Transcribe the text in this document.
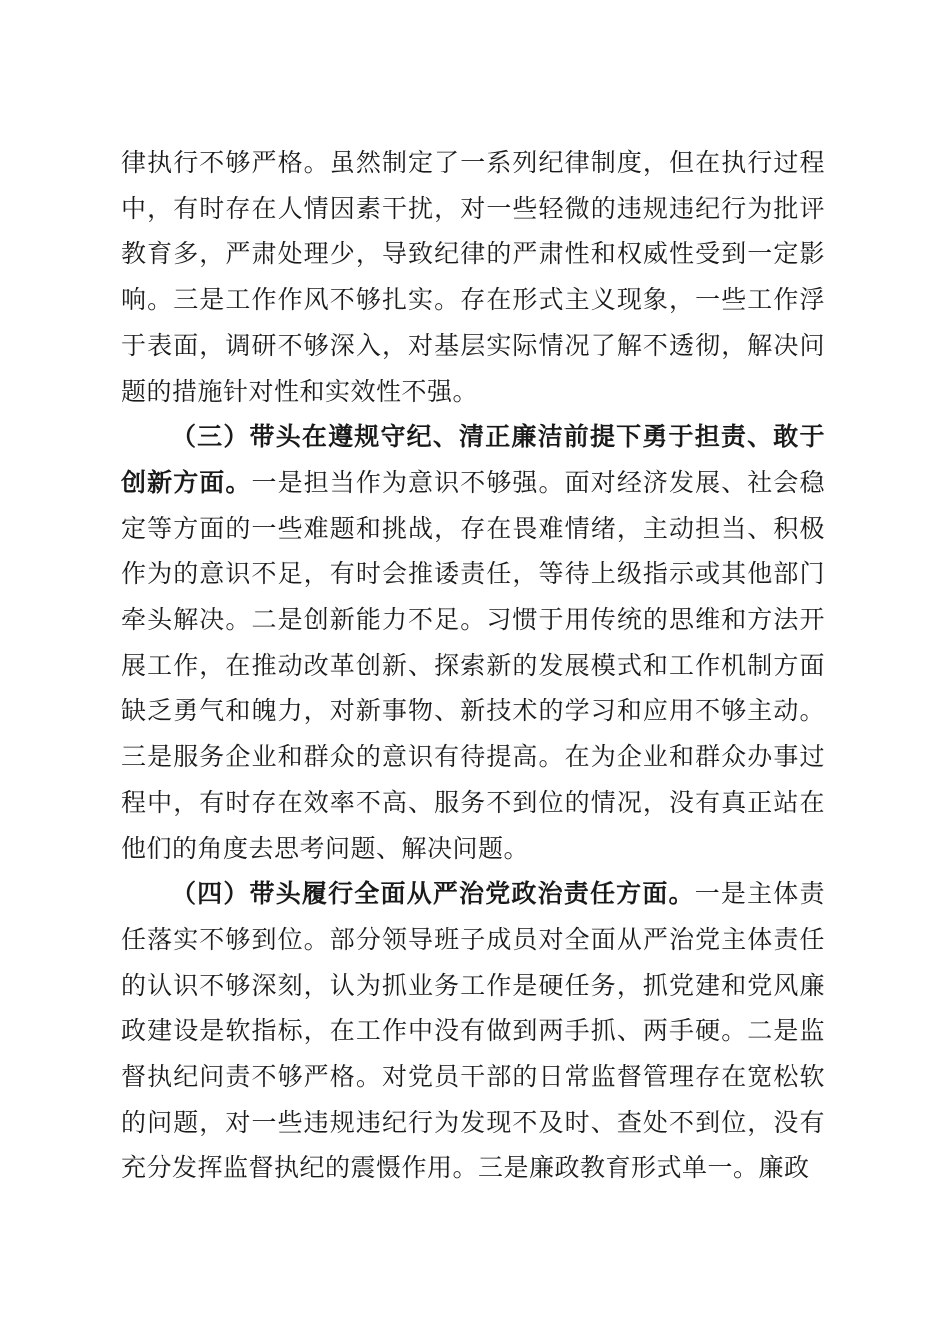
律执行不够严格。虽然制定了一系列纪律制度，但在执行过程中，有时存在人情因素干扰，对一些轻微的违规违纪行为批评教育多，严肃处理少，导致纪律的严肃性和权威性受到一定影响。三是工作作风不够扎实。存在形式主义现象，一些工作浮于表面，调研不够深入，对基层实际情况了解不透彻，解决问题的措施针对性和实效性不强。

（三）带头在遵规守纪、清正廉洁前提下勇于担责、敢于创新方面。一是担当作为意识不够强。面对经济发展、社会稳定等方面的一些难题和挑战，存在畏难情绪，主动担当、积极作为的意识不足，有时会推诿责任，等待上级指示或其他部门牵头解决。二是创新能力不足。习惯于用传统的思维和方法开展工作，在推动改革创新、探索新的发展模式和工作机制方面缺乏勇气和魄力，对新事物、新技术的学习和应用不够主动。三是服务企业和群众的意识有待提高。在为企业和群众办事过程中，有时存在效率不高、服务不到位的情况，没有真正站在他们的角度去思考问题、解决问题。

（四）带头履行全面从严治党政治责任方面。一是主体责任落实不够到位。部分领导班子成员对全面从严治党主体责任的认识不够深刻，认为抓业务工作是硬任务，抓党建和党风廉政建设是软指标，在工作中没有做到两手抓、两手硬。二是监督执纪问责不够严格。对党员干部的日常监督管理存在宽松软的问题，对一些违规违纪行为发现不及时、查处不到位，没有充分发挥监督执纪的震慑作用。三是廉政教育形式单一。廉政
